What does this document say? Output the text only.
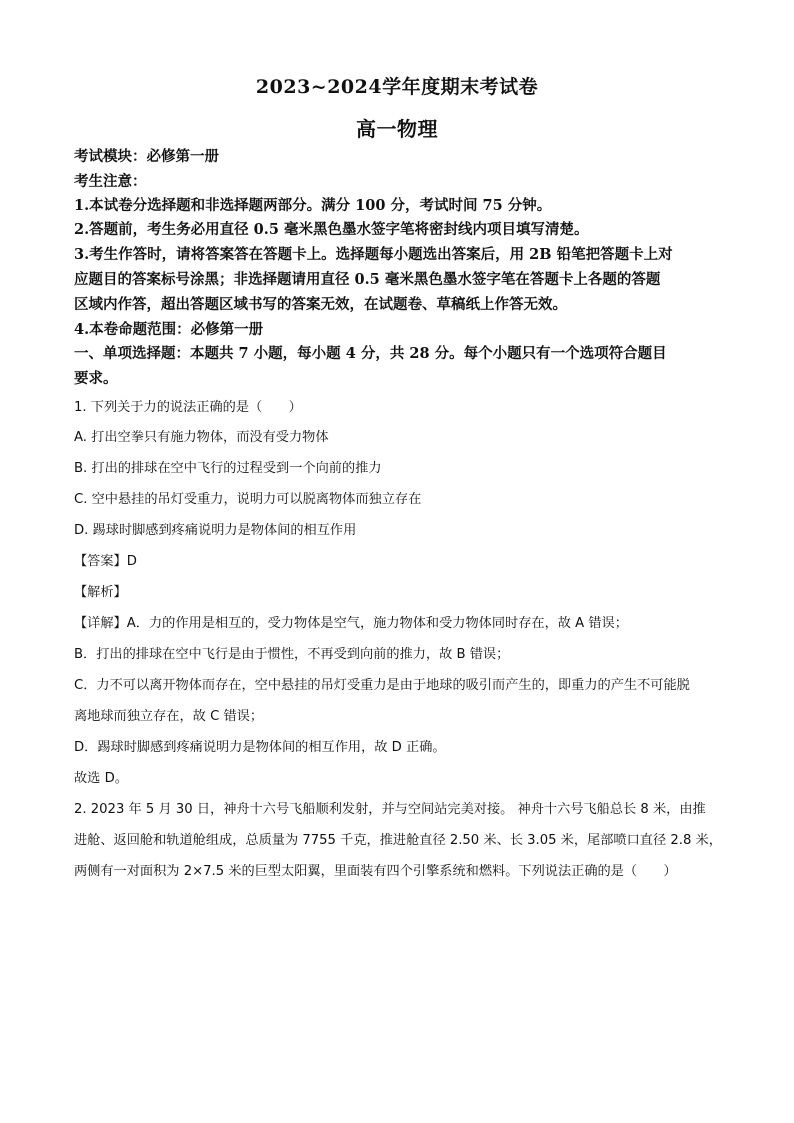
2023~2024学年度期末考试卷
高一物理
考试模块：必修第一册
考生注意：
1.本试卷分选择题和非选择题两部分。满分 100 分，考试时间 75 分钟。
2.答题前，考生务必用直径 0.5 毫米黑色墨水签字笔将密封线内项目填写清楚。
3.考生作答时，请将答案答在答题卡上。选择题每小题选出答案后，用 2B 铅笔把答题卡上对
应题目的答案标号涂黑；非选择题请用直径 0.5 毫米黑色墨水签字笔在答题卡上各题的答题
区域内作答，超出答题区域书写的答案无效，在试题卷、草稿纸上作答无效。
4.本卷命题范围：必修第一册
一、单项选择题：本题共 7 小题，每小题 4 分，共 28 分。每个小题只有一个选项符合题目
要求。
1. 下列关于力的说法正确的是（　　）
A. 打出空拳只有施力物体，而没有受力物体
B. 打出的排球在空中飞行的过程受到一个向前的推力
C. 空中悬挂的吊灯受重力，说明力可以脱离物体而独立存在
D. 踢球时脚感到疼痛说明力是物体间的相互作用
【答案】D
【解析】
【详解】A．力的作用是相互的，受力物体是空气，施力物体和受力物体同时存在，故 A 错误；
B．打出的排球在空中飞行是由于惯性，不再受到向前的推力，故 B 错误；
C．力不可以离开物体而存在，空中悬挂的吊灯受重力是由于地球的吸引而产生的，即重力的产生不可能脱
离地球而独立存在，故 C 错误；
D．踢球时脚感到疼痛说明力是物体间的相互作用，故 D 正确。
故选 D。
2. 2023 年 5 月 30 日，神舟十六号飞船顺利发射，并与空间站完美对接。 神舟十六号飞船总长 8 米，由推
进舱、返回舱和轨道舱组成，总质量为 7755 千克，推进舱直径 2.50 米、长 3.05 米，尾部喷口直径 2.8 米，
两侧有一对面积为 2×7.5 米的巨型太阳翼，里面装有四个引擎系统和燃料。下列说法正确的是（　　）
